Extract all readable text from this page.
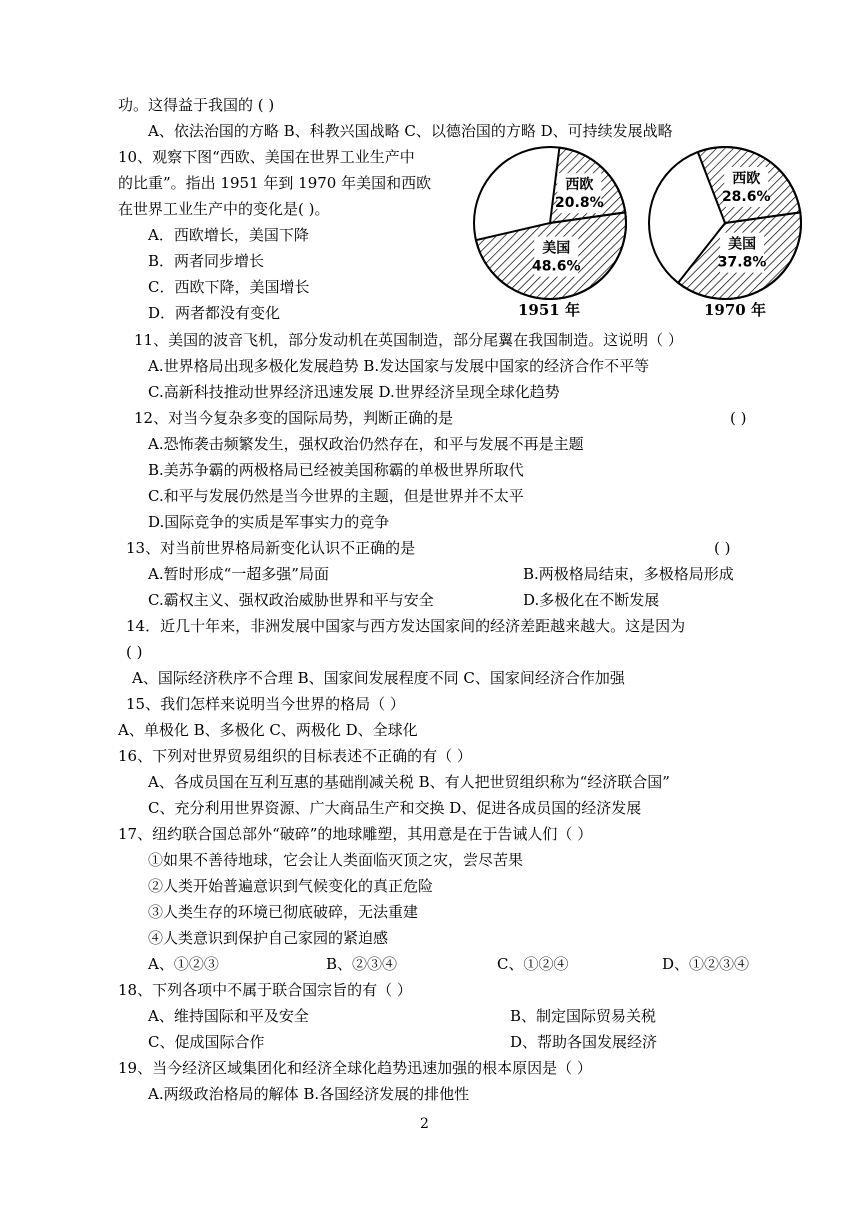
功。这得益于我国的 ( )
A、依法治国的方略 B、科教兴国战略 C、以德治国的方略 D、可持续发展战略
10、观察下图“西欧、美国在世界工业生产中
的比重”。指出 1951 年到 1970 年美国和西欧
在世界工业生产中的变化是( )。
A．西欧增长，美国下降
B．两者同步增长
C．西欧下降，美国增长
D．两者都没有变化
11、美国的波音飞机，部分发动机在英国制造，部分尾翼在我国制造。这说明（ ）
A.世界格局出现多极化发展趋势 B.发达国家与发展中国家的经济合作不平等
C.高新科技推动世界经济迅速发展 D.世界经济呈现全球化趋势
12、对当今复杂多变的国际局势，判断正确的是	( )
A.恐怖袭击频繁发生，强权政治仍然存在，和平与发展不再是主题
B.美苏争霸的两极格局已经被美国称霸的单极世界所取代
C.和平与发展仍然是当今世界的主题，但是世界并不太平
D.国际竞争的实质是军事实力的竞争
13、对当前世界格局新变化认识不正确的是	( )
A.暂时形成“一超多强”局面	B.两极格局结束，多极格局形成
C.霸权主义、强权政治威胁世界和平与安全	D.多极化在不断发展
14．近几十年来，非洲发展中国家与西方发达国家间的经济差距越来越大。这是因为
( )
A、国际经济秩序不合理 B、国家间发展程度不同 C、国家间经济合作加强
15、我们怎样来说明当今世界的格局（ ）
A、单极化 B、多极化 C、两极化 D、全球化
16、下列对世界贸易组织的目标表述不正确的有（ ）
A、各成员国在互利互惠的基础削减关税 B、有人把世贸组织称为“经济联合国”
C、充分利用世界资源、广大商品生产和交换 D、促进各成员国的经济发展
17、纽约联合国总部外“破碎”的地球雕塑，其用意是在于告诫人们（ ）
①如果不善待地球，它会让人类面临灭顶之灾，尝尽苦果
②人类开始普遍意识到气候变化的真正危险
③人类生存的环境已彻底破碎，无法重建
④人类意识到保护自己家园的紧迫感
A、①②③	B、②③④	C、①②④	D、①②③④
18、下列各项中不属于联合国宗旨的有（ ）
A、维持国际和平及安全	B、制定国际贸易关税
C、促成国际合作	D、帮助各国发展经济
19、当今经济区域集团化和经济全球化趋势迅速加强的根本原因是（ ）
A.两级政治格局的解体 B.各国经济发展的排他性
西欧
20.8%
美国
48.6%
1951 年
西欧
28.6%
美国
37.8%
1970 年
2
